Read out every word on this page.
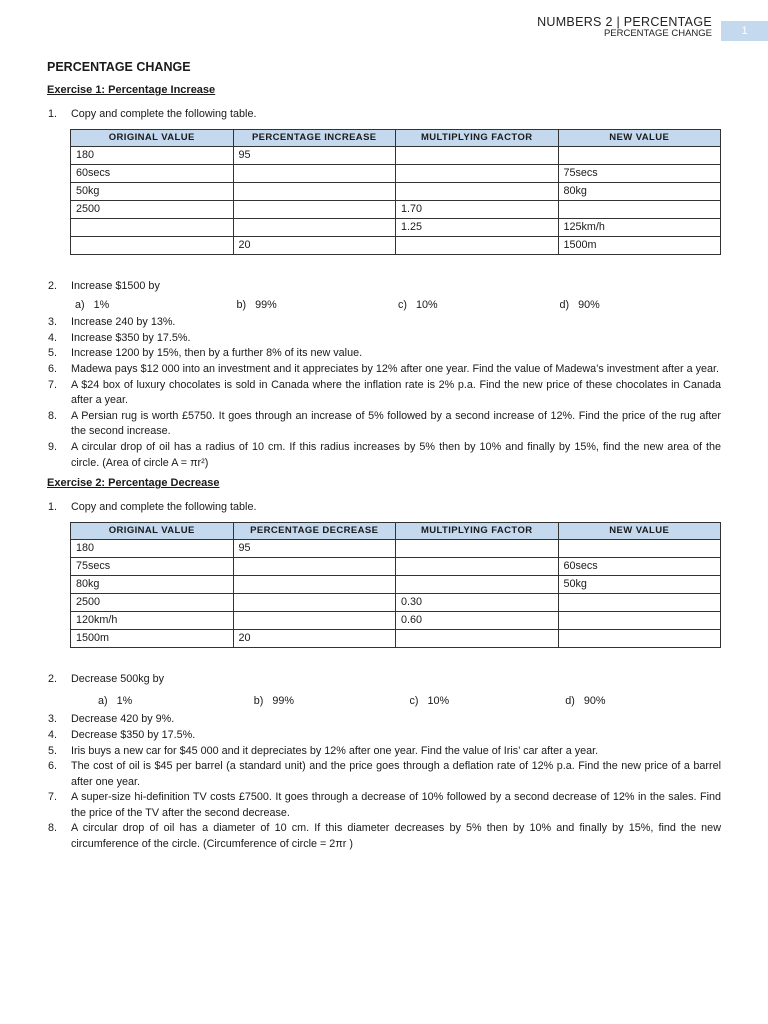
NUMBERS 2 | PERCENTAGE
PERCENTAGE CHANGE	1
PERCENTAGE CHANGE
Exercise 1: Percentage Increase
1.	Copy and complete the following table.
ORIGINAL VALUE	PERCENTAGE INCREASE	MULTIPLYING FACTOR	NEW VALUE
180	95		
60secs			75secs
50kg			80kg
2500		1.70	
		1.25	125km/h
	20		1500m
2.	Increase $1500 by
a)   1%	b)   99%	c)   10%	d)   90%
3.	Increase 240 by 13%.
4.	Increase $350 by 17.5%.
5.	Increase 1200 by 15%, then by a further 8% of its new value.
6.	Madewa pays $12 000 into an investment and it appreciates by 12% after one year. Find the value of Madewa’s investment after a year.
7.	A $24 box of luxury chocolates is sold in Canada where the inflation rate is 2% p.a. Find the new price of these chocolates in Canada after a year.
8.	A Persian rug is worth £5750. It goes through an increase of 5% followed by a second increase of 12%. Find the price of the rug after the second increase.
9.	A circular drop of oil has a radius of 10 cm. If this radius increases by 5% then by 10% and finally by 15%, find the new area of the circle. (Area of circle A = πr²)
Exercise 2: Percentage Decrease
1.	Copy and complete the following table.
ORIGINAL VALUE	PERCENTAGE DECREASE	MULTIPLYING FACTOR	NEW VALUE
180	95		
75secs			60secs
80kg			50kg
2500		0.30	
120km/h		0.60	
1500m	20		
2.	Decrease 500kg by
a)   1%	b)   99%	c)   10%	d)   90%
3.	Decrease 420 by 9%.
4.	Decrease $350 by 17.5%.
5.	Iris buys a new car for $45 000 and it depreciates by 12% after one year. Find the value of Iris’ car after a year.
6.	The cost of oil is $45 per barrel (a standard unit) and the price goes through a deflation rate of 12% p.a. Find the new price of a barrel after one year.
7.	A super-size hi-definition TV costs £7500. It goes through a decrease of 10% followed by a second decrease of 12% in the sales. Find the price of the TV after the second decrease.
8.	A circular drop of oil has a diameter of 10 cm. If this diameter decreases by 5% then by 10% and finally by 15%, find the new circumference of the circle. (Circumference of circle = 2πr )
